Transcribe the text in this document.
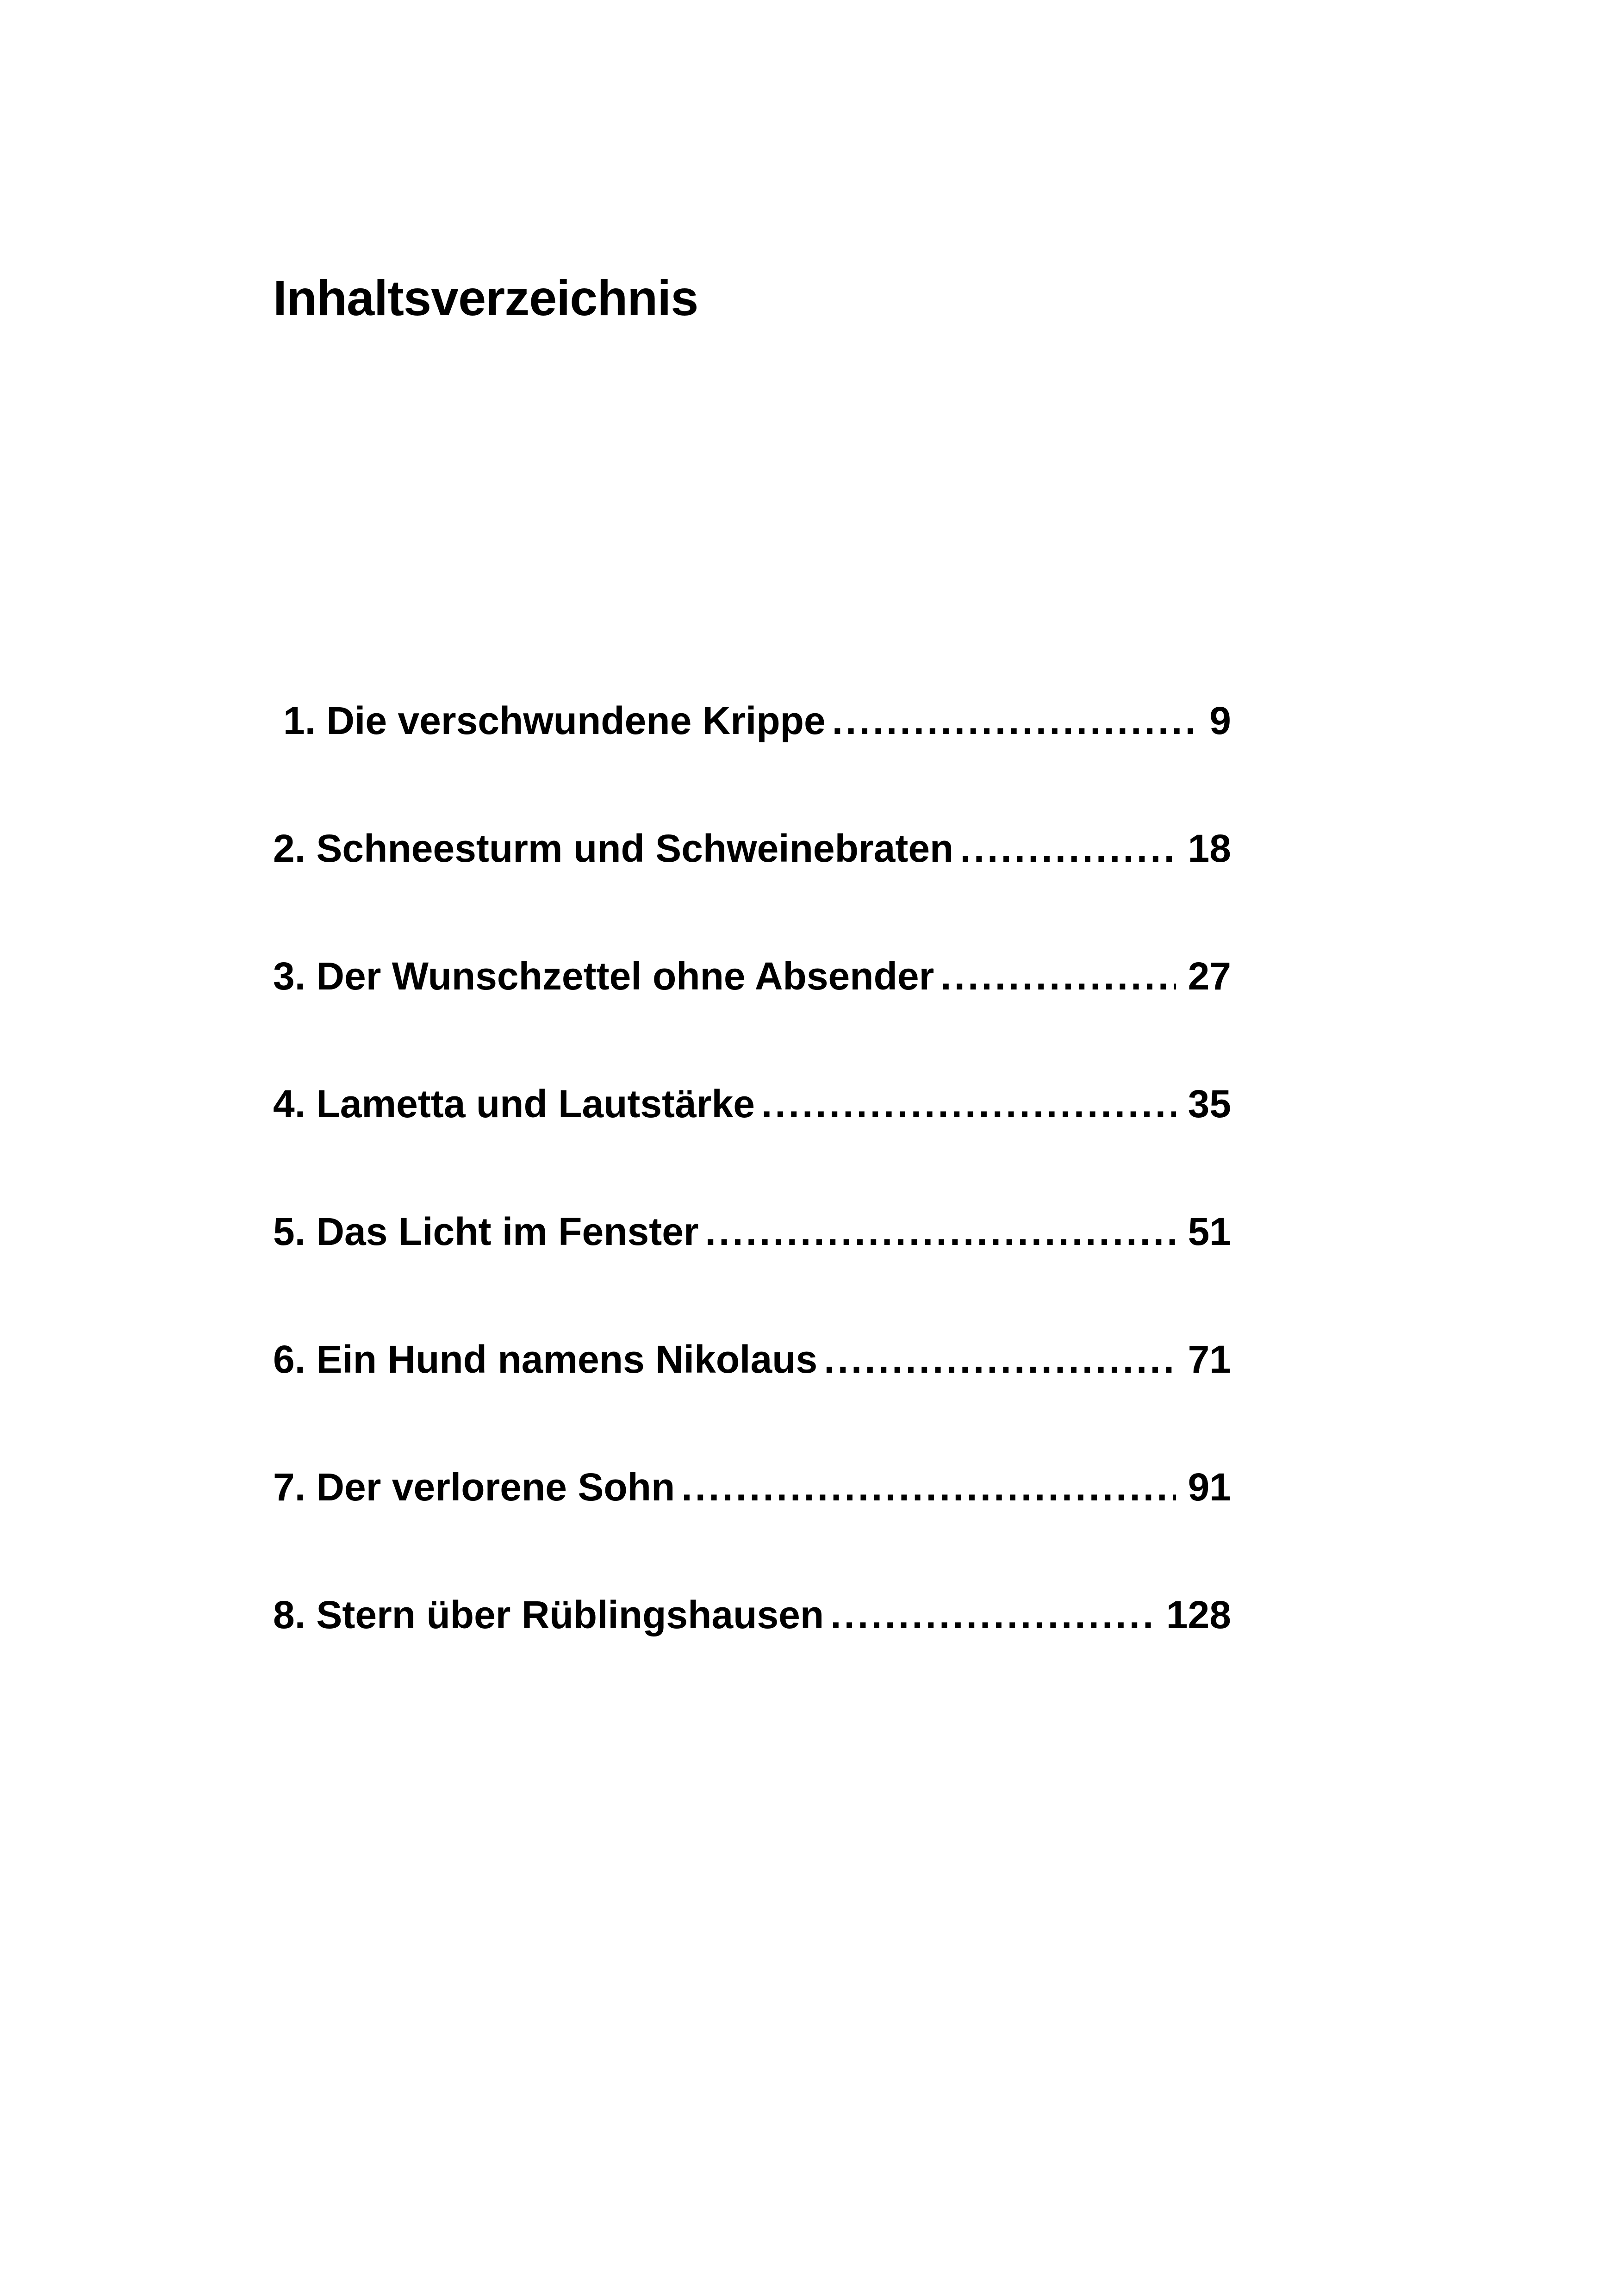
Inhaltsverzeichnis
1. Die verschwundene Krippe .....	9
2. Schneesturm und Schweinebraten .....	18
3. Der Wunschzettel ohne Absender .....	27
4. Lametta und Lautstärke .....	35
5. Das Licht im Fenster .....	51
6. Ein Hund namens Nikolaus .....	71
7. Der verlorene Sohn .....	91
8. Stern über Rüblingshausen .....	128
